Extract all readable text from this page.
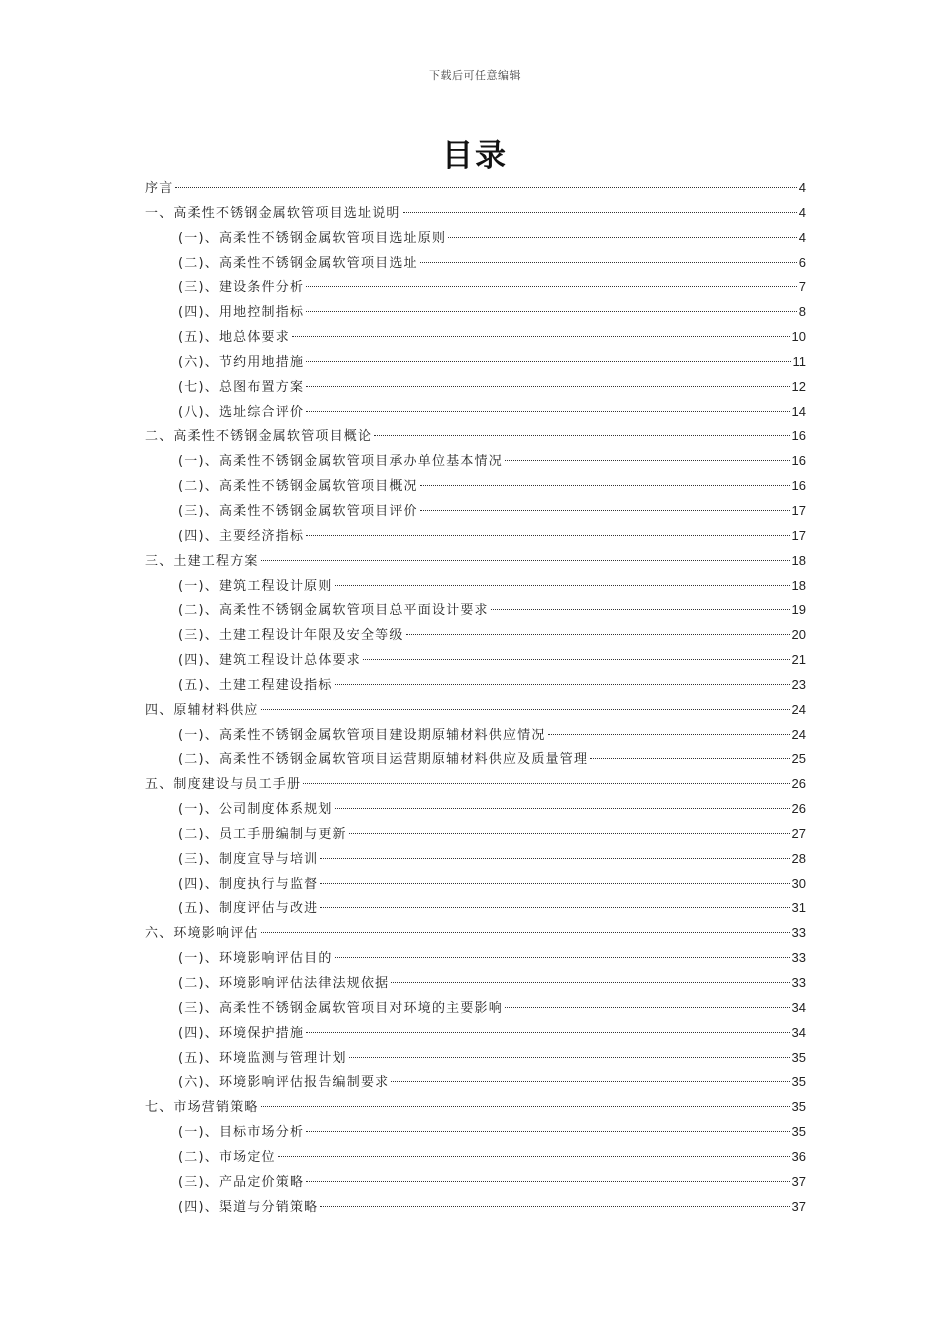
下载后可任意编辑
目录
序言	4
一、高柔性不锈钢金属软管项目选址说明	4
(一)、高柔性不锈钢金属软管项目选址原则	4
(二)、高柔性不锈钢金属软管项目选址	6
(三)、建设条件分析	7
(四)、用地控制指标	8
(五)、地总体要求	10
(六)、节约用地措施	11
(七)、总图布置方案	12
(八)、选址综合评价	14
二、高柔性不锈钢金属软管项目概论	16
(一)、高柔性不锈钢金属软管项目承办单位基本情况	16
(二)、高柔性不锈钢金属软管项目概况	16
(三)、高柔性不锈钢金属软管项目评价	17
(四)、主要经济指标	17
三、土建工程方案	18
(一)、建筑工程设计原则	18
(二)、高柔性不锈钢金属软管项目总平面设计要求	19
(三)、土建工程设计年限及安全等级	20
(四)、建筑工程设计总体要求	21
(五)、土建工程建设指标	23
四、原辅材料供应	24
(一)、高柔性不锈钢金属软管项目建设期原辅材料供应情况	24
(二)、高柔性不锈钢金属软管项目运营期原辅材料供应及质量管理	25
五、制度建设与员工手册	26
(一)、公司制度体系规划	26
(二)、员工手册编制与更新	27
(三)、制度宣导与培训	28
(四)、制度执行与监督	30
(五)、制度评估与改进	31
六、环境影响评估	33
(一)、环境影响评估目的	33
(二)、环境影响评估法律法规依据	33
(三)、高柔性不锈钢金属软管项目对环境的主要影响	34
(四)、环境保护措施	34
(五)、环境监测与管理计划	35
(六)、环境影响评估报告编制要求	35
七、市场营销策略	35
(一)、目标市场分析	35
(二)、市场定位	36
(三)、产品定价策略	37
(四)、渠道与分销策略	37
